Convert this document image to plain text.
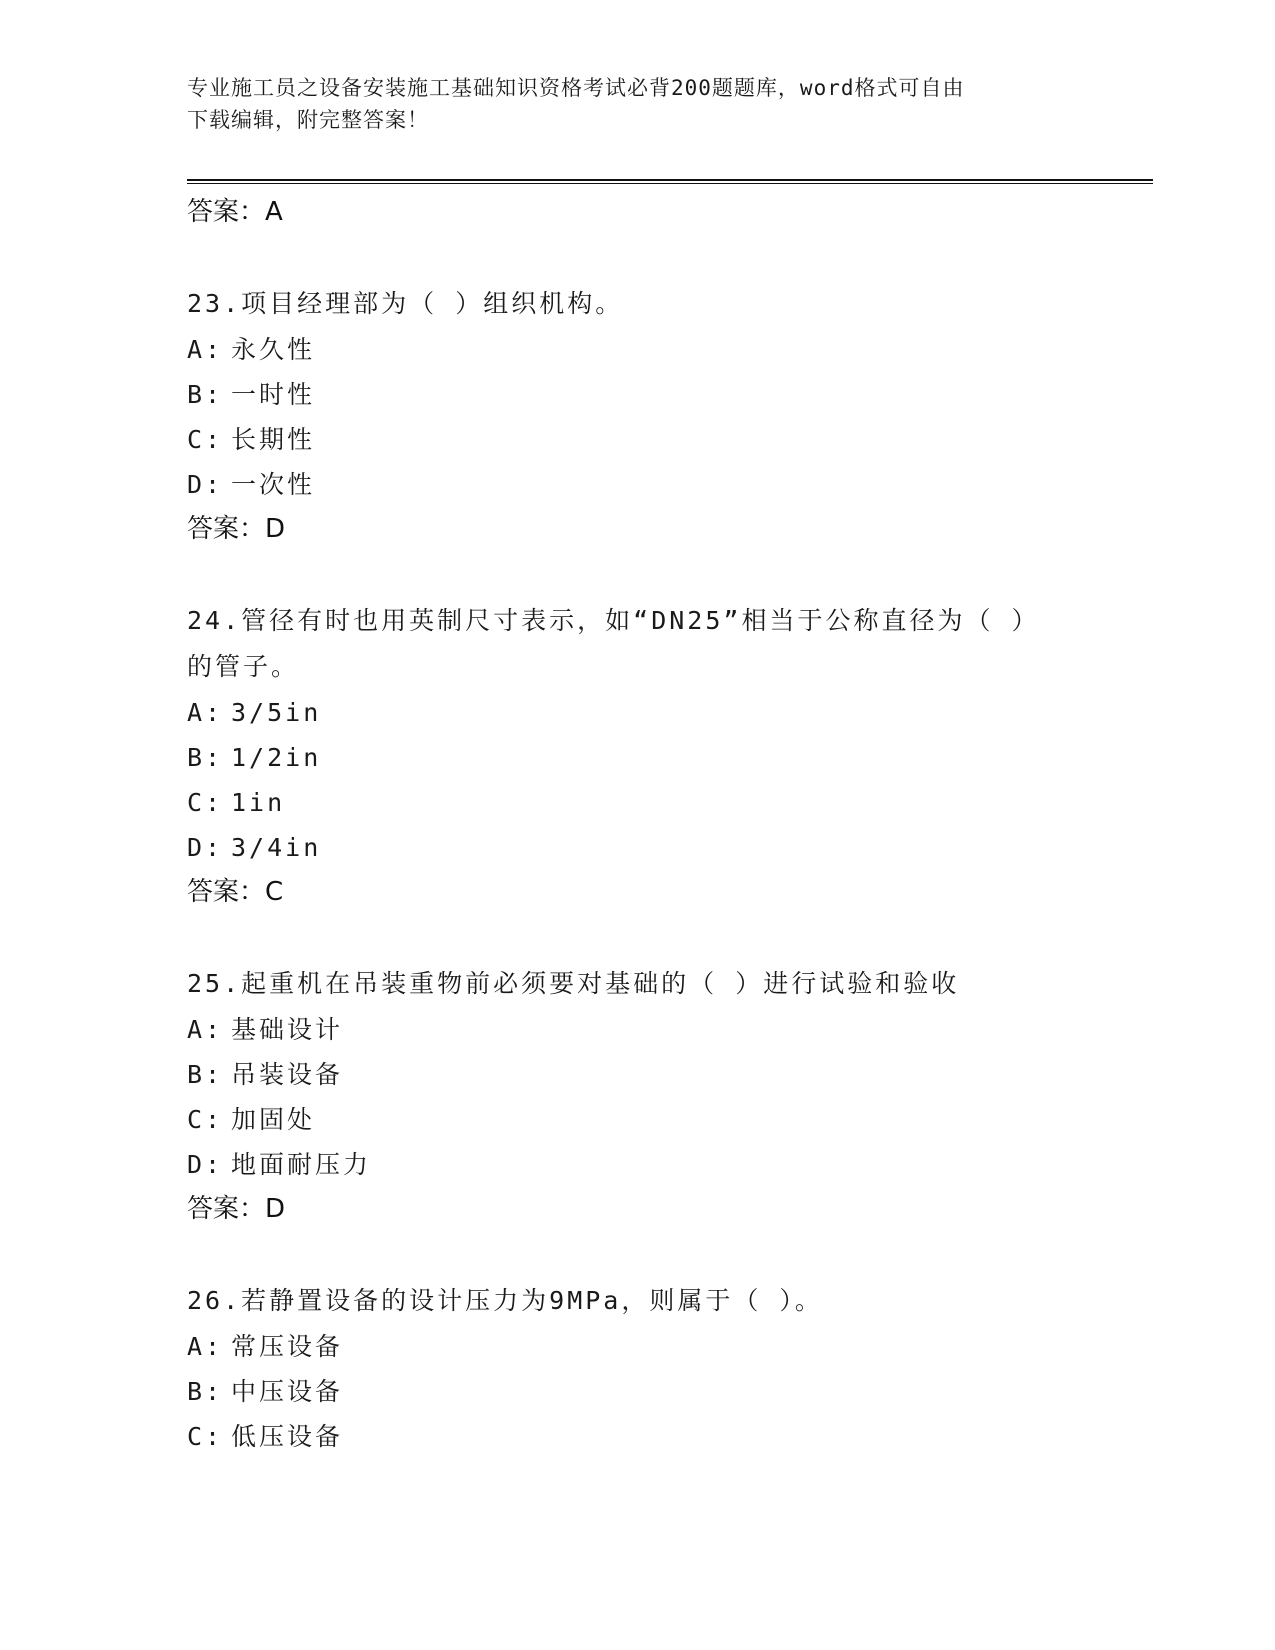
专业施工员之设备安装施工基础知识资格考试必背200题题库，word格式可自由
下载编辑，附完整答案！
答案：A
23.项目经理部为（ ）组织机构。
A: 永久性
B: 一时性
C: 长期性
D: 一次性
答案：D
24.管径有时也用英制尺寸表示，如“DN25”相当于公称直径为（ ）的管子。
A: 3/5in
B: 1/2in
C: 1in
D: 3/4in
答案：C
25.起重机在吊装重物前必须要对基础的（ ）进行试验和验收
A: 基础设计
B: 吊装设备
C: 加固处
D: 地面耐压力
答案：D
26.若静置设备的设计压力为9MPa，则属于（ ）。
A: 常压设备
B: 中压设备
C: 低压设备
